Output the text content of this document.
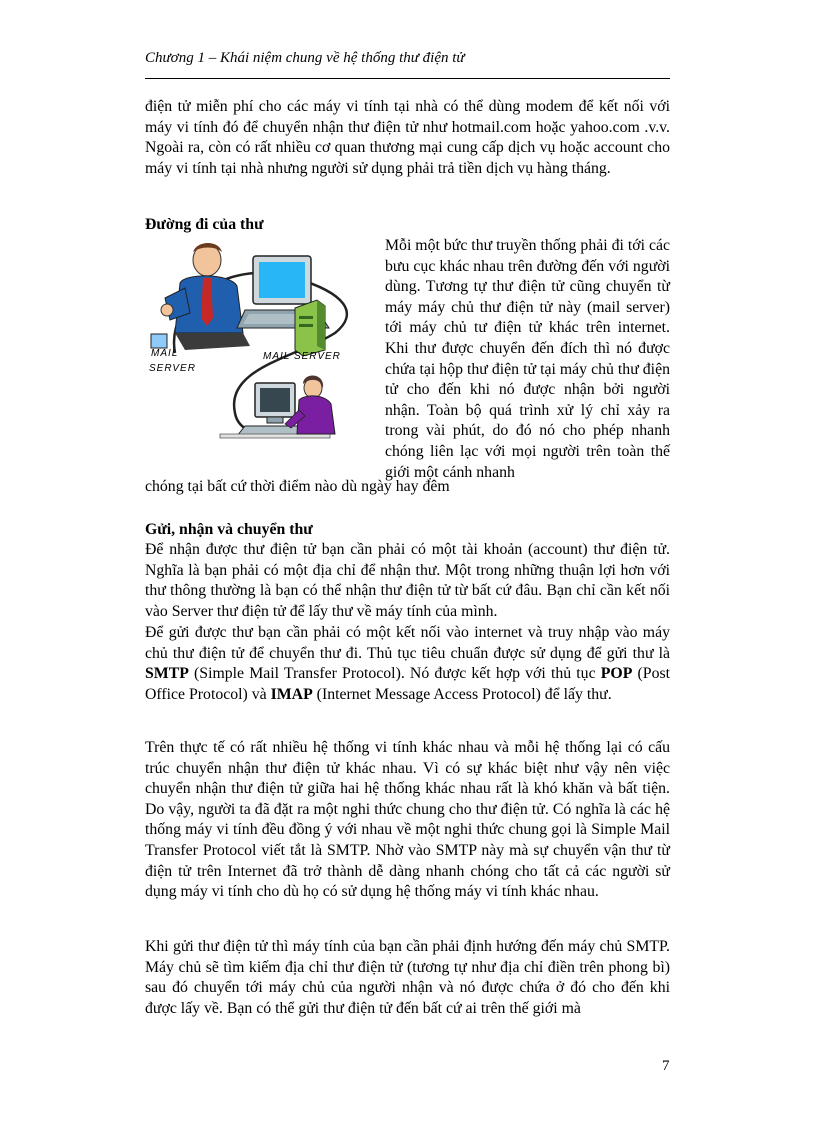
Chương 1 – Khái niệm chung về hệ thống thư điện tử

điện tử miễn phí cho các máy vi tính tại nhà có thể dùng modem để kết nối với máy vi tính đó để chuyển nhận thư điện tử như hotmail.com hoặc yahoo.com .v.v. Ngoài ra, còn có rất nhiều cơ quan thương mại cung cấp dịch vụ hoặc account cho máy vi tính tại nhà nhưng người sử dụng phải trả tiền dịch vụ hàng tháng.

Đường đi của thư

MAIL
SERVER
MAIL SERVER

Mỗi một bức thư truyền thống phải đi tới các bưu cục khác nhau trên đường đến với người dùng. Tương tự thư điện tử cũng chuyển từ máy máy chủ thư điện tử này (mail server) tới máy chủ tư điện tử khác trên internet. Khi thư được chuyển đến đích thì nó được chứa tại hộp thư điện tử tại máy chủ thư điện tử cho đến khi nó được nhận bởi người nhận. Toàn bộ quá trình xử lý chỉ xảy ra trong vài phút, do đó nó cho phép nhanh chóng liên lạc với mọi người trên toàn thế giới một cánh nhanh

chóng tại bất cứ thời điểm nào dù ngày hay đêm

Gửi, nhận và chuyển thư

Để nhận được thư điện tử bạn cần phải có một tài khoản (account) thư điện tử. Nghĩa là bạn phải có một địa chỉ để nhận thư. Một trong những thuận lợi hơn với thư thông thường là bạn có thể nhận thư điện tử từ bất cứ đâu. Bạn chỉ cần kết nối vào Server thư điện tử để lấy thư về máy tính của mình.

Để gửi được thư bạn cần phải có một kết nối vào internet và truy nhập vào máy chủ thư điện tử để chuyển thư đi. Thủ tục tiêu chuẩn được sử dụng để gửi thư là SMTP (Simple Mail Transfer Protocol). Nó được kết hợp với thủ tục POP (Post Office Protocol) và IMAP (Internet Message Access Protocol) để lấy thư.

Trên thực tế có rất nhiều hệ thống vi tính khác nhau và mỗi hệ thống lại có cấu trúc chuyển nhận thư điện tử khác nhau. Vì có sự khác biệt như vậy nên việc chuyển nhận thư điện tử giữa hai hệ thống khác nhau rất là khó khăn và bất tiện. Do vậy, người ta đã đặt ra một nghi thức chung cho thư điện tử. Có nghĩa là các hệ thống máy vi tính đều đồng ý với nhau về một nghi thức chung gọi là Simple Mail Transfer Protocol viết tắt là SMTP. Nhờ vào SMTP này mà sự chuyển vận thư từ điện tử trên Internet đã trở thành dễ dàng nhanh chóng cho tất cả các người sử dụng máy vi tính cho dù họ có sử dụng hệ thống máy vi tính khác nhau.

Khi gửi thư điện tử thì máy tính của bạn cần phải định hướng đến máy chủ SMTP. Máy chủ sẽ tìm kiếm địa chỉ thư điện tử (tương tự như địa chỉ điền trên phong bì) sau đó chuyển tới máy chủ của người nhận và nó được chứa ở đó cho đến khi được lấy về. Bạn có thể gửi thư điện tử đến bất cứ ai trên thế giới mà

7
